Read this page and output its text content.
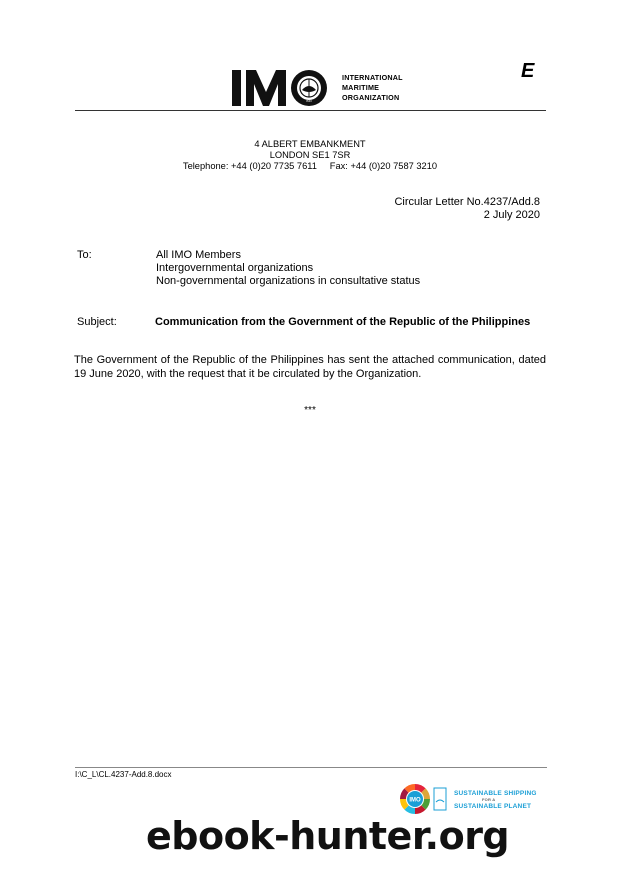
IMO
INTERNATIONAL
MARITIME
ORGANIZATION
E
4 ALBERT EMBANKMENT
LONDON SE1 7SR
Telephone: +44 (0)20 7735 7611     Fax: +44 (0)20 7587 3210
Circular Letter No.4237/Add.8
2 July 2020
To:	All IMO Members
Intergovernmental organizations
Non-governmental organizations in consultative status
Subject:	Communication from the Government of the Republic of the Philippines
The Government of the Republic of the Philippines has sent the attached communication, dated 19 June 2020, with the request that it be circulated by the Organization.
***
I:\C_L\CL.4237-Add.8.docx
IMO
SUSTAINABLE SHIPPING
FOR A
SUSTAINABLE PLANET
ebook-hunter.org
